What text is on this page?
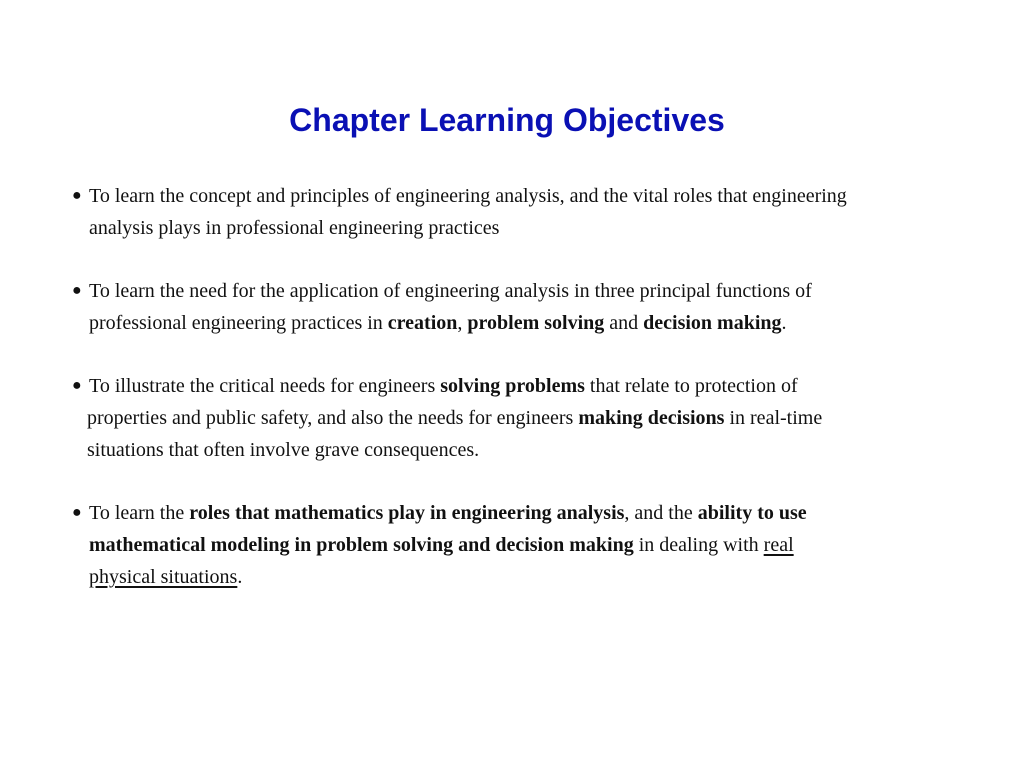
Chapter Learning Objectives
● To learn the concept and principles of engineering analysis, and the vital roles that engineering
analysis plays in professional engineering practices
● To learn the need for the application of engineering analysis in three principal functions of
professional engineering practices in creation, problem solving and decision making.
● To illustrate the critical needs for engineers solving problems that relate to protection of
properties and public safety, and also the needs for engineers making decisions in real-time
situations that often involve grave consequences.
● To learn the roles that mathematics play in engineering analysis, and the ability to use
mathematical modeling in problem solving and decision making in dealing with real
physical situations.
